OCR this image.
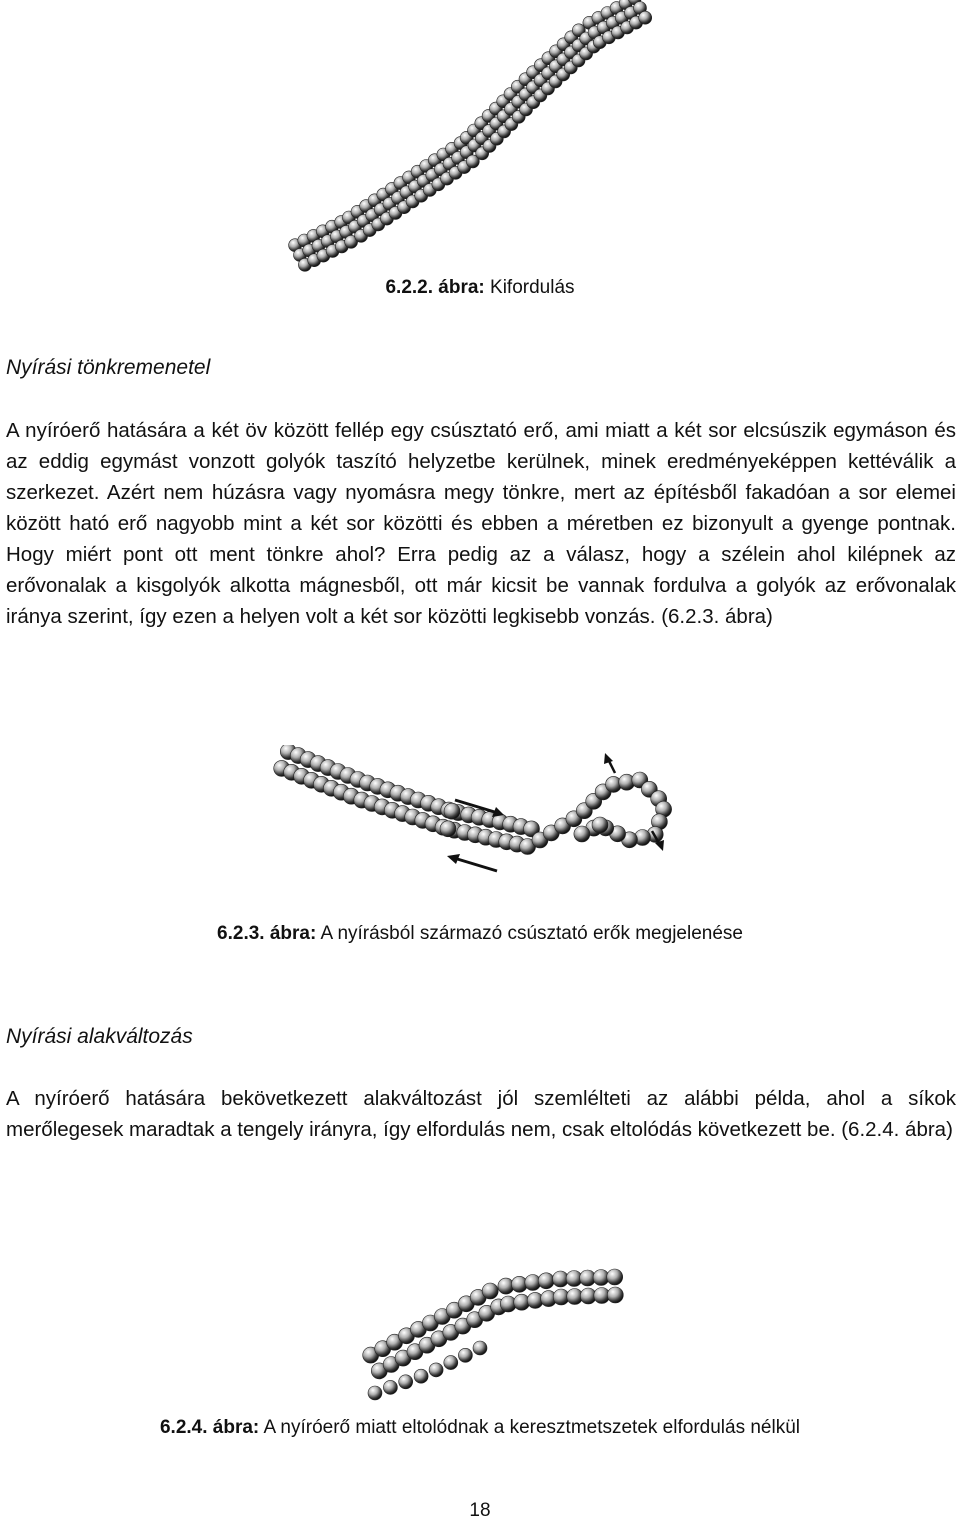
6.2.2. ábra: Kifordulás
Nyírási tönkremenetel
A nyíróerő hatására a két öv között fellép egy csúsztató erő, ami miatt a két sor elcsúszik egymáson és az eddig egymást vonzott golyók taszító helyzetbe kerülnek, minek eredményeképpen kettéválik a szerkezet. Azért nem húzásra vagy nyomásra megy tönkre, mert az építésből fakadóan a sor elemei között ható erő nagyobb mint a két sor közötti és ebben a méretben ez bizonyult a gyenge pontnak. Hogy miért pont ott ment tönkre ahol? Erra pedig az a válasz, hogy a szélein ahol kilépnek az erővonalak a kisgolyók alkotta mágnesből, ott már kicsit be vannak fordulva a golyók az erővonalak iránya szerint, így ezen a helyen volt a két sor közötti legkisebb vonzás. (6.2.3. ábra)
6.2.3. ábra: A nyírásból származó csúsztató erők megjelenése
Nyírási alakváltozás
A nyíróerő hatására bekövetkezett alakváltozást jól szemlélteti az alábbi példa, ahol a síkok merőlegesek maradtak a tengely irányra, így elfordulás nem, csak eltolódás következett be. (6.2.4. ábra)
6.2.4. ábra: A nyíróerő miatt eltolódnak a keresztmetszetek elfordulás nélkül
18
